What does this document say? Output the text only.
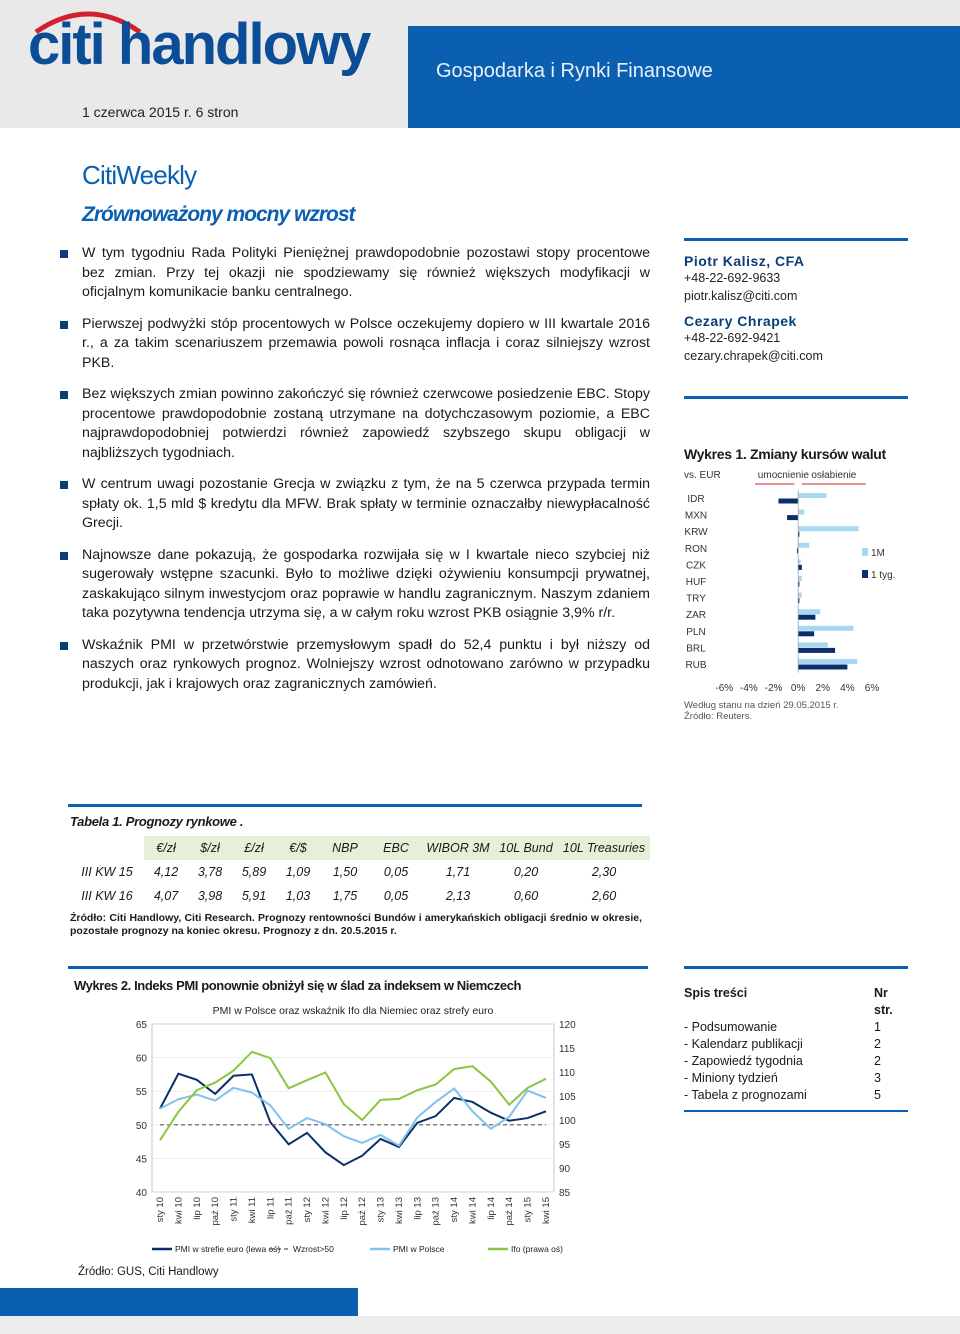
citi handlowy	Gospodarka i Rynki Finansowe
1 czerwca 2015 r. 6 stron
CitiWeekly
Zrównoważony mocny wzrost
W tym tygodniu Rada Polityki Pieniężnej prawdopodobnie pozostawi stopy procentowe bez zmian. Przy tej okazji nie spodziewamy się również większych modyfikacji w oficjalnym komunikacie banku centralnego.
Pierwszej podwyżki stóp procentowych w Polsce oczekujemy dopiero w III kwartale 2016 r., a za takim scenariuszem przemawia powoli rosnąca inflacja i coraz silniejszy wzrost PKB.
Bez większych zmian powinno zakończyć się również czerwcowe posiedzenie EBC. Stopy procentowe prawdopodobnie zostaną utrzymane na dotychczasowym poziomie, a EBC najprawdopodobniej potwierdzi również zapowiedź szybszego skupu obligacji w najbliższych tygodniach.
W centrum uwagi pozostanie Grecja w związku z tym, że na 5 czerwca przypada termin spłaty ok. 1,5 mld $ kredytu dla MFW. Brak spłaty w terminie oznaczałby niewypłacalność Grecji.
Najnowsze dane pokazują, że gospodarka rozwijała się w I kwartale nieco szybciej niż sugerowały wstępne szacunki. Było to możliwe dzięki ożywieniu konsumpcji prywatnej, zaskakująco silnym inwestycjom oraz poprawie w handlu zagranicznym. Naszym zdaniem taka pozytywna tendencja utrzyma się, a w całym roku wzrost PKB osiągnie 3,9% r/r.
Wskaźnik PMI w przetwórstwie przemysłowym spadł do 52,4 punktu i był niższy od naszych oraz rynkowych prognoz. Wolniejszy wzrost odnotowano zarówno w przypadku produkcji, jak i krajowych oraz zagranicznych zamówień.
Piotr Kalisz, CFA
+48-22-692-9633
piotr.kalisz@citi.com
Cezary Chrapek
+48-22-692-9421
cezary.chrapek@citi.com
Wykres 1. Zmiany kursów walut
vs. EUR	umocnienie osłabienie
IDR
MXN
KRW
RON
CZK
HUF
TRY
ZAR
PLN
BRL
RUB
-6% -4% -2% 0% 2% 4% 6%
1M
1 tyg.
Według stanu na dzień 29.05.2015 r.
Źródło: Reuters.
Tabela 1. Prognozy rynkowe .
	€/zł	$/zł	£/zł	€/$	NBP	EBC	WIBOR 3M	10L Bund	10L Treasuries
III KW 15	4,12	3,78	5,89	1,09	1,50	0,05	1,71	0,20	2,30
III KW 16	4,07	3,98	5,91	1,03	1,75	0,05	2,13	0,60	2,60
Źródło: Citi Handlowy, Citi Research. Prognozy rentowności Bundów i amerykańskich obligacji średnio w okresie, pozostałe prognozy na koniec okresu. Prognozy z dn. 20.5.2015 r.
Wykres 2. Indeks PMI ponownie obniżył się w ślad za indeksem w Niemczech
PMI w Polsce oraz wskaźnik Ifo dla Niemiec oraz strefy euro
40
45
50
55
60
65
85
90
95
100
105
110
115
120
sty 10 kwi 10 lip 10 paź 10 sty 11 kwi 11 lip 11 paź 11 sty 12 kwi 12 lip 12 paź 12 sty 13 kwi 13 lip 13 paź 13 sty 14 kwi 14 lip 14 paź 14 sty 15 kwi 15
PMI w strefie euro (lewa oś) Wzrost>50	PMI w Polsce	Ifo (prawa oś)
Źródło: GUS, Citi Handlowy
Spis treści	Nr str.
- Podsumowanie	1
- Kalendarz publikacji	2
- Zapowiedź tygodnia	2
- Miniony tydzień	3
- Tabela z prognozami	5
